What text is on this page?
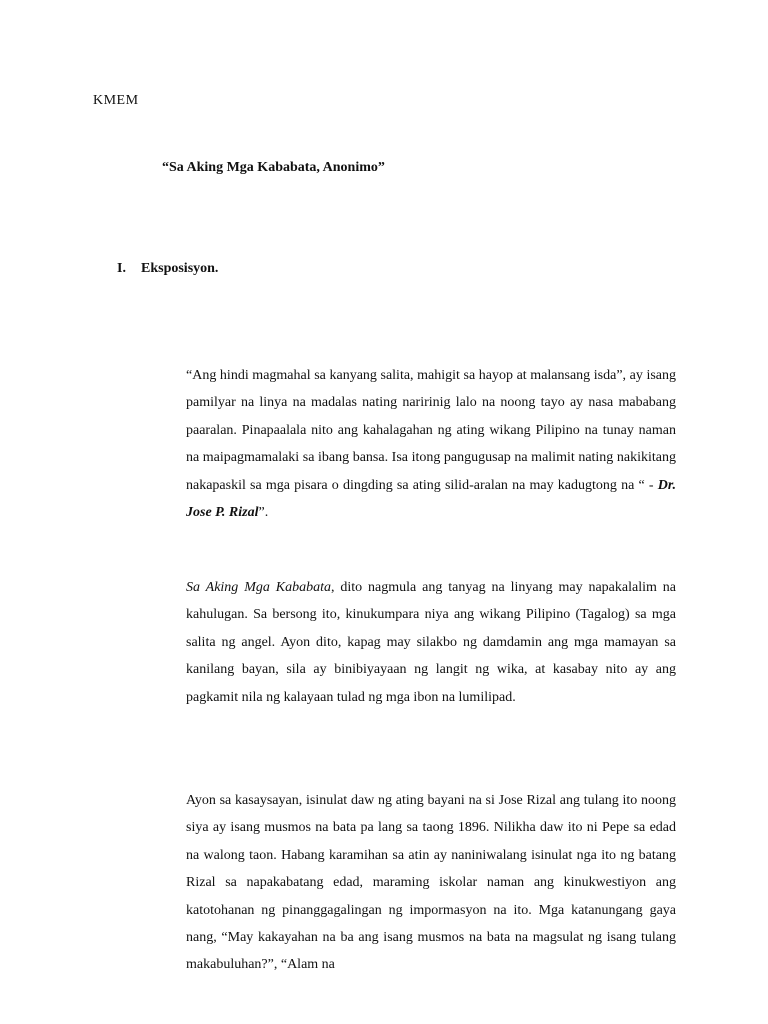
KMEM

“Sa Aking Mga Kababata, Anonimo”

I.	Eksposisyon.

“Ang hindi magmahal sa kanyang salita, mahigit sa hayop at malansang isda”, ay isang pamilyar na linya na madalas nating naririnig lalo na noong tayo ay nasa mababang paaralan. Pinapaalala nito ang kahalagahan ng ating wikang Pilipino na tunay naman na maipagmamalaki sa ibang bansa. Isa itong pangugusap na malimit nating nakikitang nakapaskil sa mga pisara o dingding sa ating silid-aralan na may kadugtong na “ - Dr. Jose P. Rizal”.

Sa Aking Mga Kababata, dito nagmula ang tanyag na linyang may napakalalim na kahulugan. Sa bersong ito, kinukumpara niya ang wikang Pilipino (Tagalog) sa mga salita ng angel. Ayon dito, kapag may silakbo ng damdamin ang mga mamayan sa kanilang bayan, sila ay binibiyayaan ng langit ng wika, at kasabay nito ay ang pagkamit nila ng kalayaan tulad ng mga ibon na lumilipad.

Ayon sa kasaysayan, isinulat daw ng ating bayani na si Jose Rizal ang tulang ito noong siya ay isang musmos na bata pa lang sa taong 1896. Nilikha daw ito ni Pepe sa edad na walong taon. Habang karamihan sa atin ay naniniwalang isinulat nga ito ng batang Rizal sa napakabatang edad, maraming iskolar naman ang kinukwestiyon ang katotohanan ng pinanggagalingan ng impormasyon na ito. Mga katanungang gaya nang, “May kakayahan na ba ang isang musmos na bata na magsulat ng isang tulang makabuluhan?”, “Alam na
